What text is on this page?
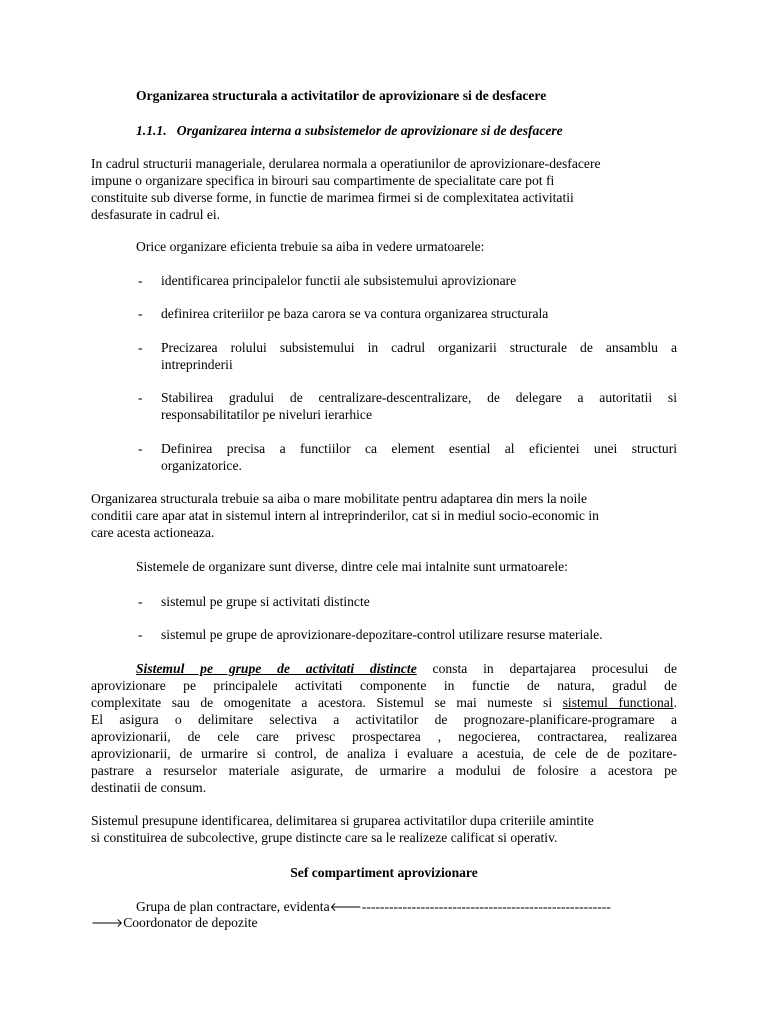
Organizarea structurala a activitatilor de aprovizionare si de desfacere

1.1.1. Organizarea interna a subsistemelor de aprovizionare si de desfacere

In cadrul structurii manageriale, derularea normala a operatiunilor de aprovizionare-desfacere

impune o organizare specifica in birouri sau compartimente de specialitate care pot fi

constituite sub diverse forme, in functie de marimea firmei si de complexitatea activitatii

desfasurate in cadrul ei.

Orice organizare eficienta trebuie sa aiba in vedere urmatoarele:

- identificarea principalelor functii ale subsistemului aprovizionare
- definirea criteriilor pe baza carora se va contura organizarea structurala
- Precizarea rolului subsistemului in cadrul organizarii structurale de ansamblu a
intreprinderii
- Stabilirea gradului de centralizare-descentralizare, de delegare a autoritatii si
responsabilitatilor pe niveluri ierarhice
- Definirea precisa a functiilor ca element esential al eficientei unei structuri
organizatorice.

Organizarea structurala trebuie sa aiba o mare mobilitate pentru adaptarea din mers la noile

conditii care apar atat in sistemul intern al intreprinderilor, cat si in mediul socio-economic in

care acesta actioneaza.

Sistemele de organizare sunt diverse, dintre cele mai intalnite sunt urmatoarele:

- sistemul pe grupe si activitati distincte
- sistemul pe grupe de aprovizionare-depozitare-control utilizare resurse materiale.

Sistemul pe grupe de activitati distincte consta in departajarea procesului de

aprovizionare pe principalele activitati componente in functie de natura, gradul de

complexitate sau de omogenitate a acestora. Sistemul se mai numeste si sistemul functional.

El asigura o delimitare selectiva a activitatilor de prognozare-planificare-programare a

aprovizionarii, de cele care privesc prospectarea , negocierea, contractarea, realizarea

aprovizionarii, de urmarire si control, de analiza i evaluare a acestuia, de cele de de pozitare-

pastrare a resurselor materiale asigurate, de urmarire a modului de folosire a acestora pe

destinatii de consum.

Sistemul presupune identificarea, delimitarea si gruparea activitatilor dupa criteriile amintite

si constituirea de subcolective, grupe distincte care sa le realizeze calificat si operativ.

Sef compartiment aprovizionare

Grupa de plan contractare, evidenta🡐-------------------------------------------------------

🡒Coordonator de depozite
